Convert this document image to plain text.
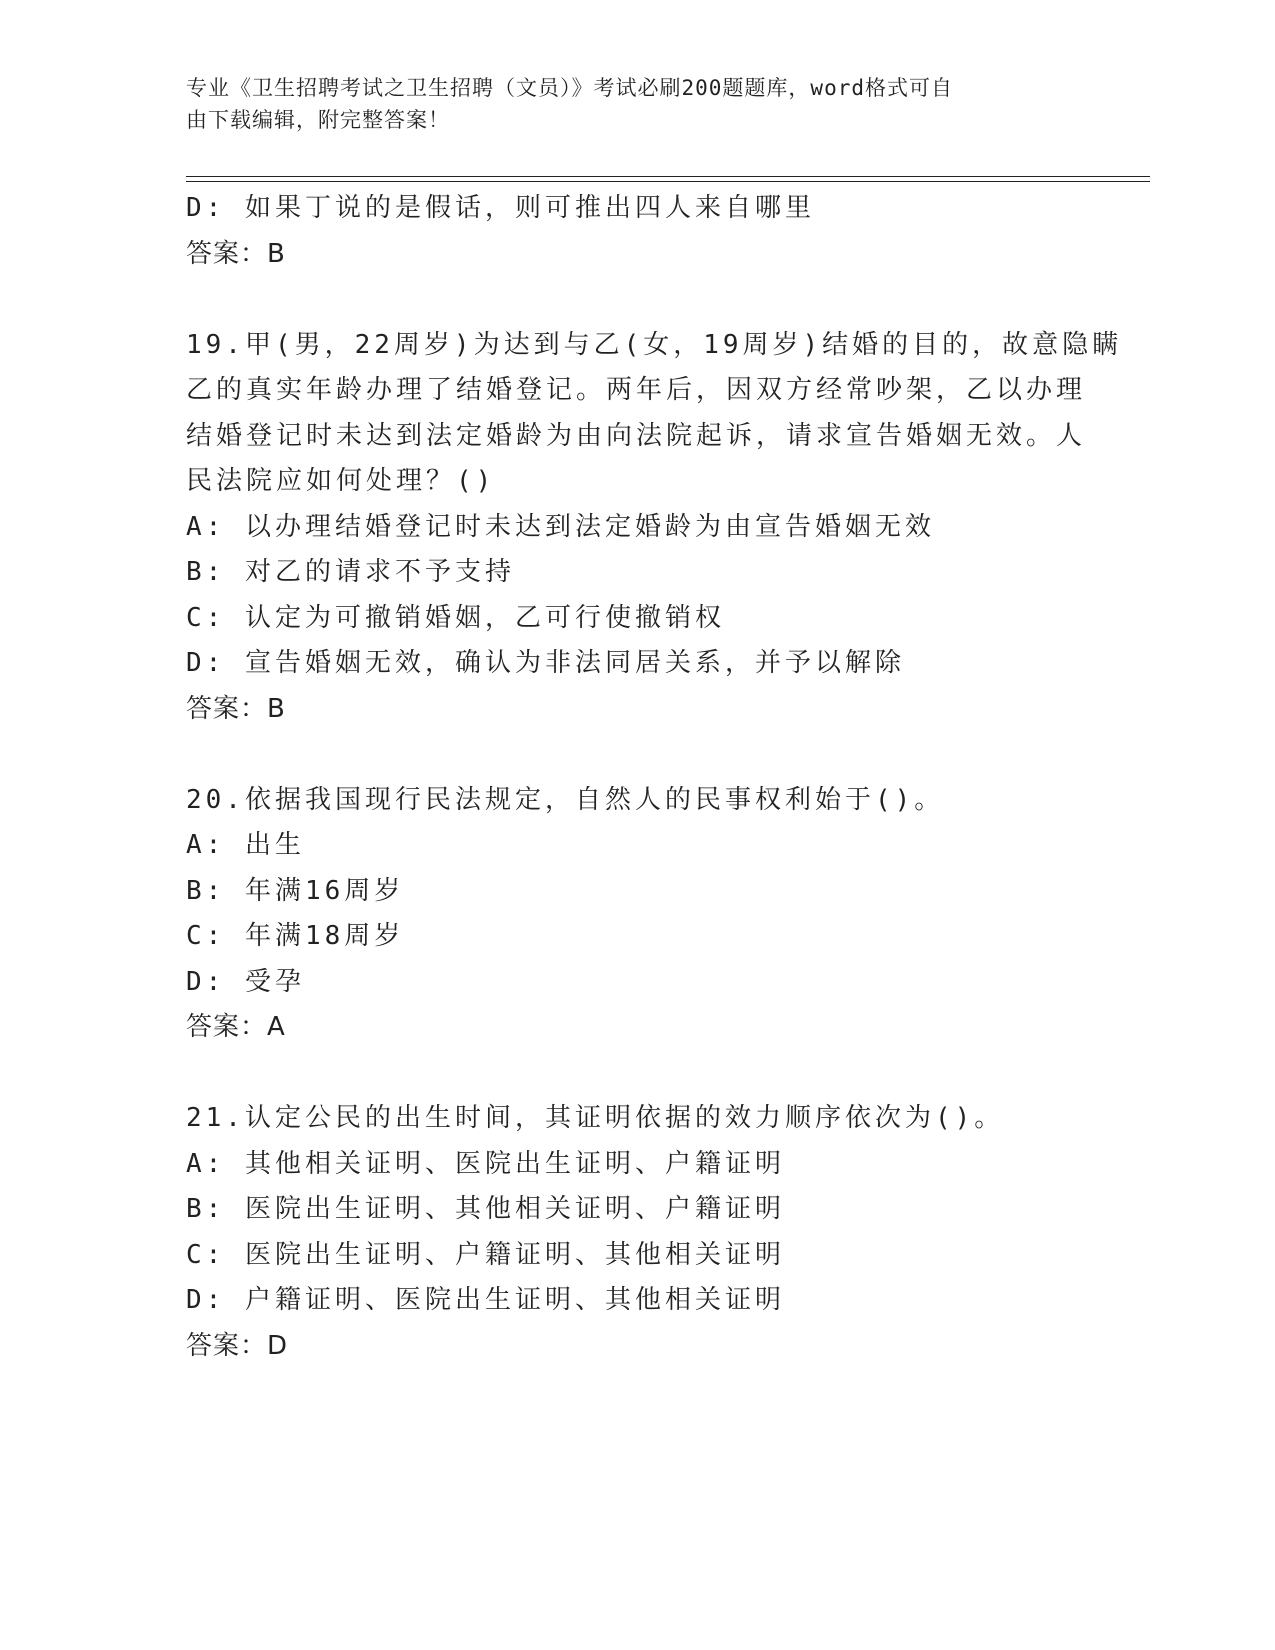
专业《卫生招聘考试之卫生招聘（文员）》考试必刷200题题库，word格式可自
由下载编辑，附完整答案！
D: 如果丁说的是假话，则可推出四人来自哪里
答案：B
19.甲(男，22周岁)为达到与乙(女，19周岁)结婚的目的，故意隐瞒
乙的真实年龄办理了结婚登记。两年后，因双方经常吵架，乙以办理
结婚登记时未达到法定婚龄为由向法院起诉，请求宣告婚姻无效。人
民法院应如何处理？()
A: 以办理结婚登记时未达到法定婚龄为由宣告婚姻无效
B: 对乙的请求不予支持
C: 认定为可撤销婚姻，乙可行使撤销权
D: 宣告婚姻无效，确认为非法同居关系，并予以解除
答案：B
20.依据我国现行民法规定，自然人的民事权利始于()。
A: 出生
B: 年满16周岁
C: 年满18周岁
D: 受孕
答案：A
21.认定公民的出生时间，其证明依据的效力顺序依次为()。
A: 其他相关证明、医院出生证明、户籍证明
B: 医院出生证明、其他相关证明、户籍证明
C: 医院出生证明、户籍证明、其他相关证明
D: 户籍证明、医院出生证明、其他相关证明
答案：D
